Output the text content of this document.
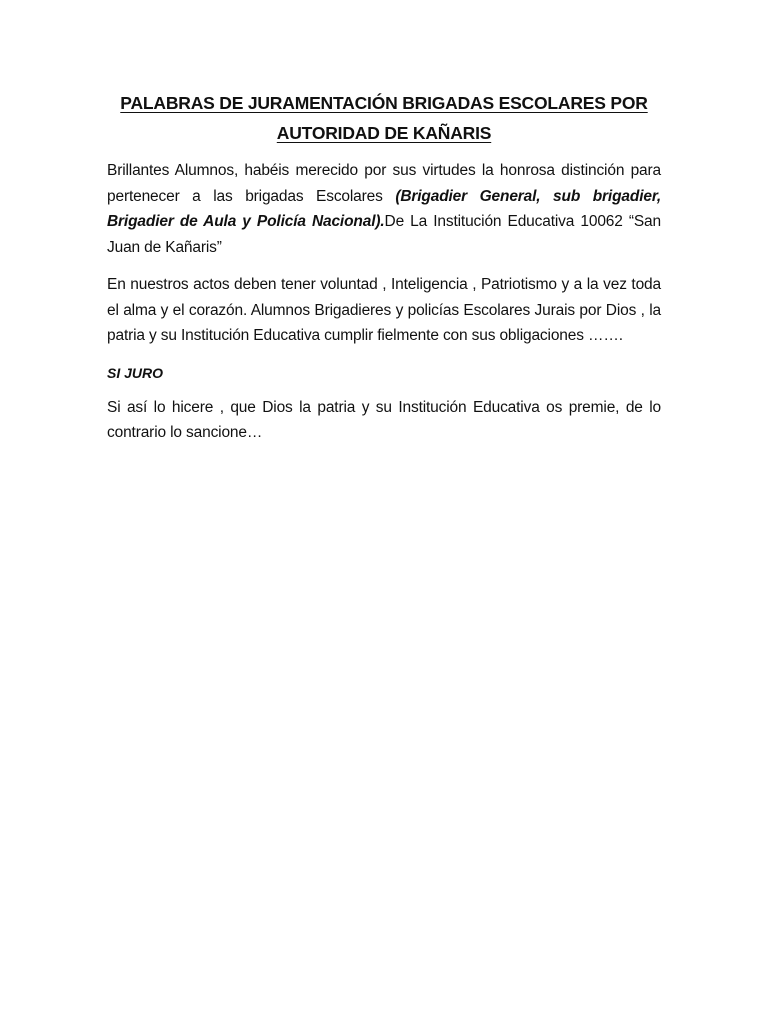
PALABRAS DE JURAMENTACIÓN BRIGADAS ESCOLARES POR
AUTORIDAD DE KAÑARIS

Brillantes Alumnos, habéis merecido por sus virtudes la honrosa distinción para pertenecer a las brigadas Escolares (Brigadier General, sub brigadier, Brigadier de Aula y Policía Nacional).De La Institución Educativa 10062 “San Juan de Kañaris”

En nuestros actos deben tener voluntad , Inteligencia , Patriotismo y a la vez toda el alma y el corazón. Alumnos Brigadieres y policías Escolares Jurais por Dios , la patria y su Institución Educativa cumplir fielmente con sus obligaciones …….

SI JURO

Si así lo hicere , que Dios la patria y su Institución Educativa os premie, de lo contrario lo sancione…
